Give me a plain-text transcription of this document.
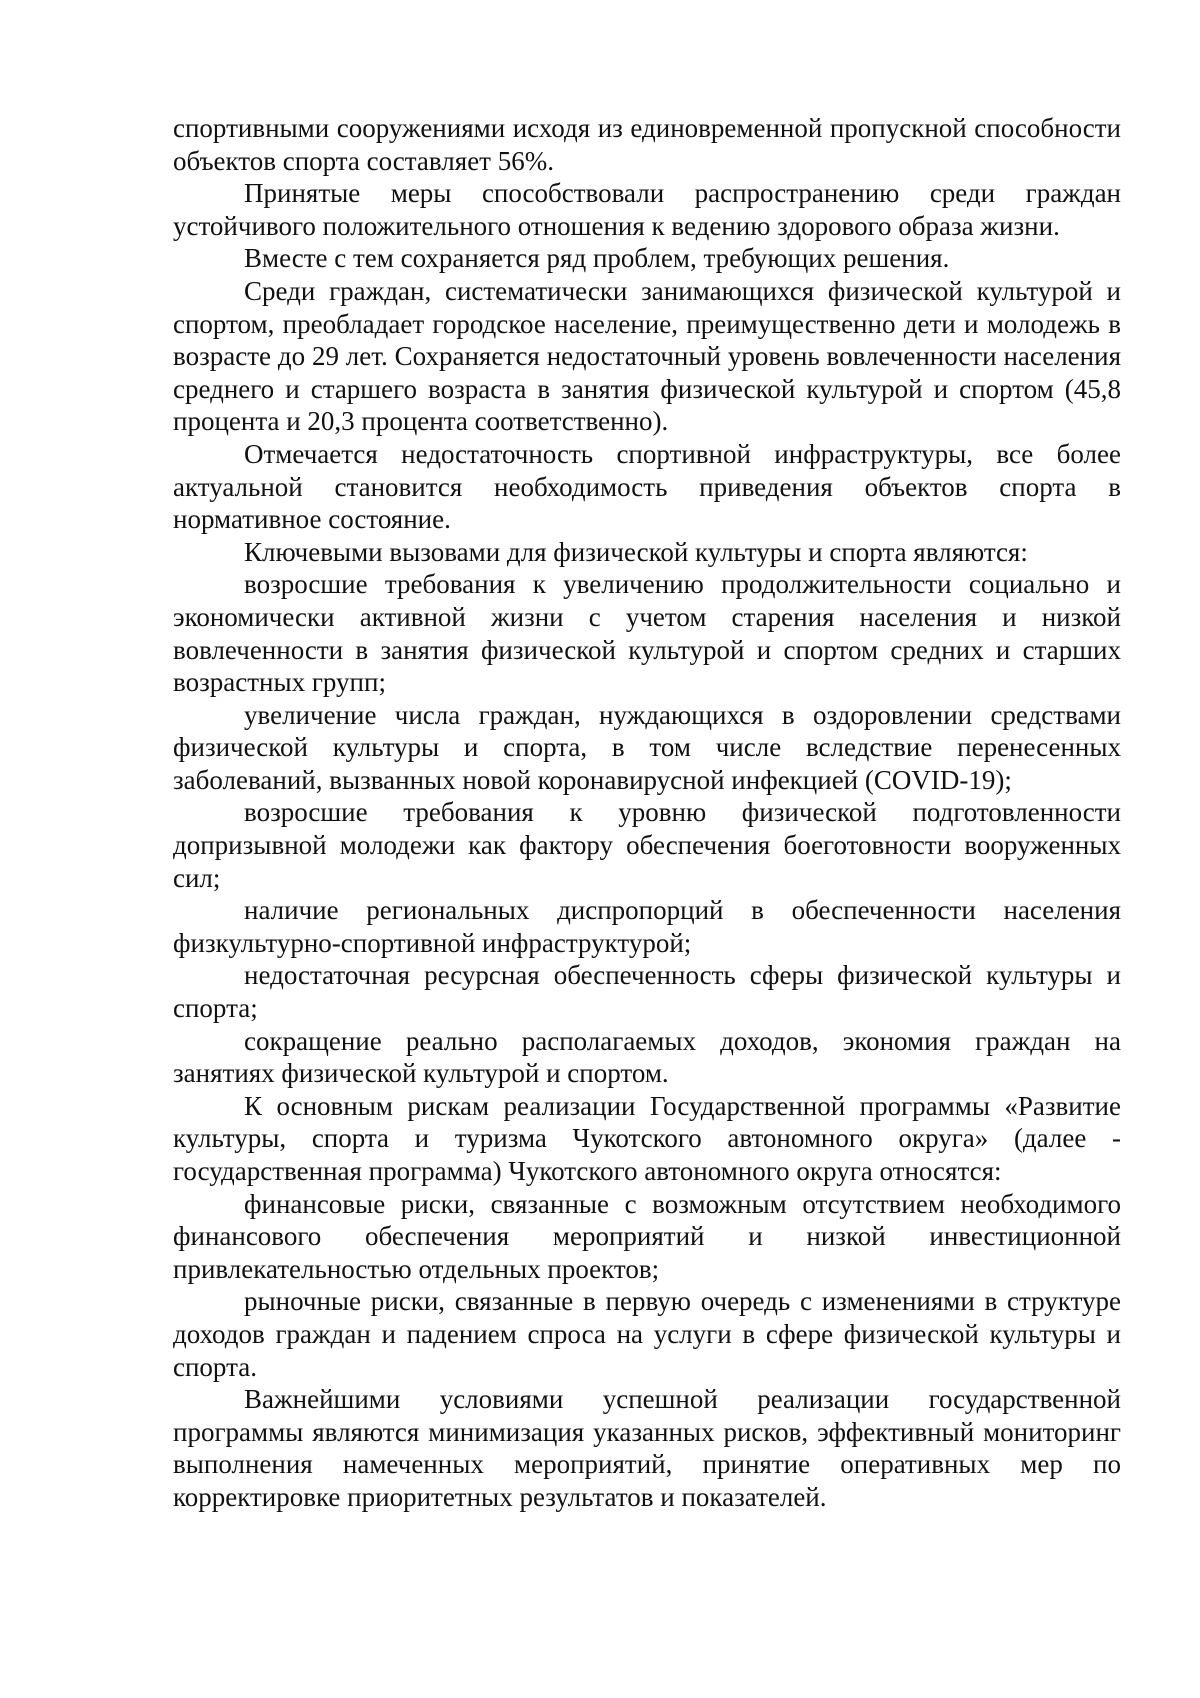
спортивными сооружениями исходя из единовременной пропускной способности объектов спорта составляет 56%.

Принятые меры способствовали распространению среди граждан устойчивого положительного отношения к ведению здорового образа жизни.

Вместе с тем сохраняется ряд проблем, требующих решения.

Среди граждан, систематически занимающихся физической культурой и спортом, преобладает городское население, преимущественно дети и молодежь в возрасте до 29 лет. Сохраняется недостаточный уровень вовлеченности населения среднего и старшего возраста в занятия физической культурой и спортом (45,8 процента и 20,3 процента соответственно).

Отмечается недостаточность спортивной инфраструктуры, все более актуальной становится необходимость приведения объектов спорта в нормативное состояние.

Ключевыми вызовами для физической культуры и спорта являются:

возросшие требования к увеличению продолжительности социально и экономически активной жизни с учетом старения населения и низкой вовлеченности в занятия физической культурой и спортом средних и старших возрастных групп;

увеличение числа граждан, нуждающихся в оздоровлении средствами физической культуры и спорта, в том числе вследствие перенесенных заболеваний, вызванных новой коронавирусной инфекцией (COVID-19);

возросшие требования к уровню физической подготовленности допризывной молодежи как фактору обеспечения боеготовности вооруженных сил;

наличие региональных диспропорций в обеспеченности населения физкультурно-спортивной инфраструктурой;

недостаточная ресурсная обеспеченность сферы физической культуры и спорта;

сокращение реально располагаемых доходов, экономия граждан на занятиях физической культурой и спортом.

К основным рискам реализации Государственной программы «Развитие культуры, спорта и туризма Чукотского автономного округа» (далее - государственная программа) Чукотского автономного округа относятся:

финансовые риски, связанные с возможным отсутствием необходимого финансового обеспечения мероприятий и низкой инвестиционной привлекательностью отдельных проектов;

рыночные риски, связанные в первую очередь с изменениями в структуре доходов граждан и падением спроса на услуги в сфере физической культуры и спорта.

Важнейшими условиями успешной реализации государственной программы являются минимизация указанных рисков, эффективный мониторинг выполнения намеченных мероприятий, принятие оперативных мер по корректировке приоритетных результатов и показателей.
